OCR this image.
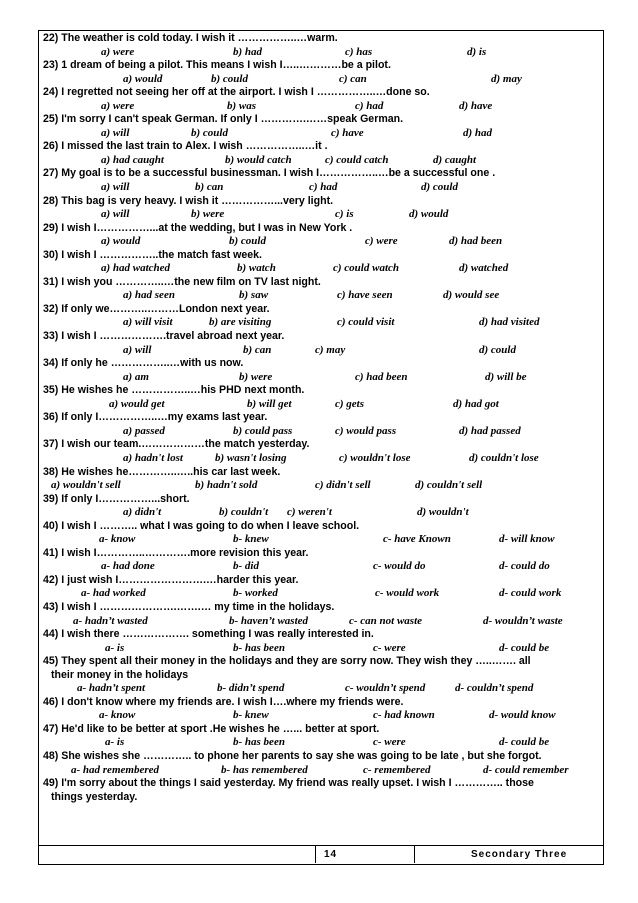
22) The weather is cold today. I wish it ……………..…warm.
a) were	b) had	c) has	d) is
23) 1 dream of being a pilot. This means I wish I…..…………be a pilot.
a) would	b) could	c) can	d) may
24) I regretted not seeing her off at the airport. I wish I ……………..…done so.
a) were	b) was	c) had	d) have
25) I'm sorry I can't speak German. If only I ………….……speak German.
a) will	b) could	c) have	d) had
26) I missed the last train to Alex. I wish ……………..…it .
a) had caught	b) would catch	c) could catch	d) caught
27) My goal is to be a successful businessman. I wish I……………..…be a successful one .
a) will	b) can	c) had	d) could
28) This bag is very heavy. I wish it ……………...very light.
a) will	b) were	c) is	d) would
29) I wish I……………...at the wedding, but I was in New York .
a) would	b) could	c) were	d) had been
30) I wish I ……………..the match fast week.
a) had watched	b) watch	c) could watch	d) watched
31) I wish you …………..…the new film on TV last night.
a) had seen	b) saw	c) have seen	d) would see
32) If only we………..………London next year.
a) will visit	b) are visiting	c) could visit	d) had visited
33) I wish I ……………….travel abroad next year.
a) will	b) can	c) may	d) could
34) If only he ……………..…with us now.
a) am	b) were	c) had been	d) will be
35) He wishes he ……………..…his PHD next month.
a) would get	b) will get	c) gets	d) had got
36) If only I……………..…my exams last year.
a) passed	b) could pass	c) would pass	d) had passed
37) I wish our team.………………the match yesterday.
a) hadn't lost	b) wasn't losing	c) wouldn't lose	d) couldn't lose
38) He wishes he…………..…..his car last week.
a) wouldn't sell	b) hadn't sold	c) didn't sell	d) couldn't sell
39) If only I……………...short.
a) didn't	b) couldn't c) weren't	d) wouldn't
40) I wish I ……….. what I was going to do when I leave school.
a- know	b- knew	c- have Known	d- will know
41) I wish I…………..………….more revision this year.
a- had done	b- did	c- would do	d- could do
42) I just wish I…………………….…harder this year.
a- had worked	b- worked	c- would work	d- could work
43) I wish I ………………….…….… my time in the holidays.
a- hadn’t wasted	b- haven’t wasted	c- can not waste	d- wouldn’t waste
44) I wish there ………………. something I was really interested in.
a- is	b- has been	c- were	d- could be
45) They spent all their money in the holidays and they are sorry now. They wish they …..……. all
their money in the holidays
a- hadn’t spent	b- didn’t spend	c- wouldn’t spend	d- couldn’t spend
46) I don't know where my friends are. I wish I….where my friends were.
a- know	b- knew	c- had known	d- would know
47) He'd like to be better at sport .He wishes he …... better at sport.
a- is	b- has been	c- were	d- could be
48) She wishes she ………….. to phone her parents to say she was going to be late , but she forgot.
a- had remembered	b- has remembered	c- remembered	d- could remember
49) I'm sorry about the things I said yesterday. My friend was really upset. I wish I ………….. those
things yesterday.
14	Secondary Three
